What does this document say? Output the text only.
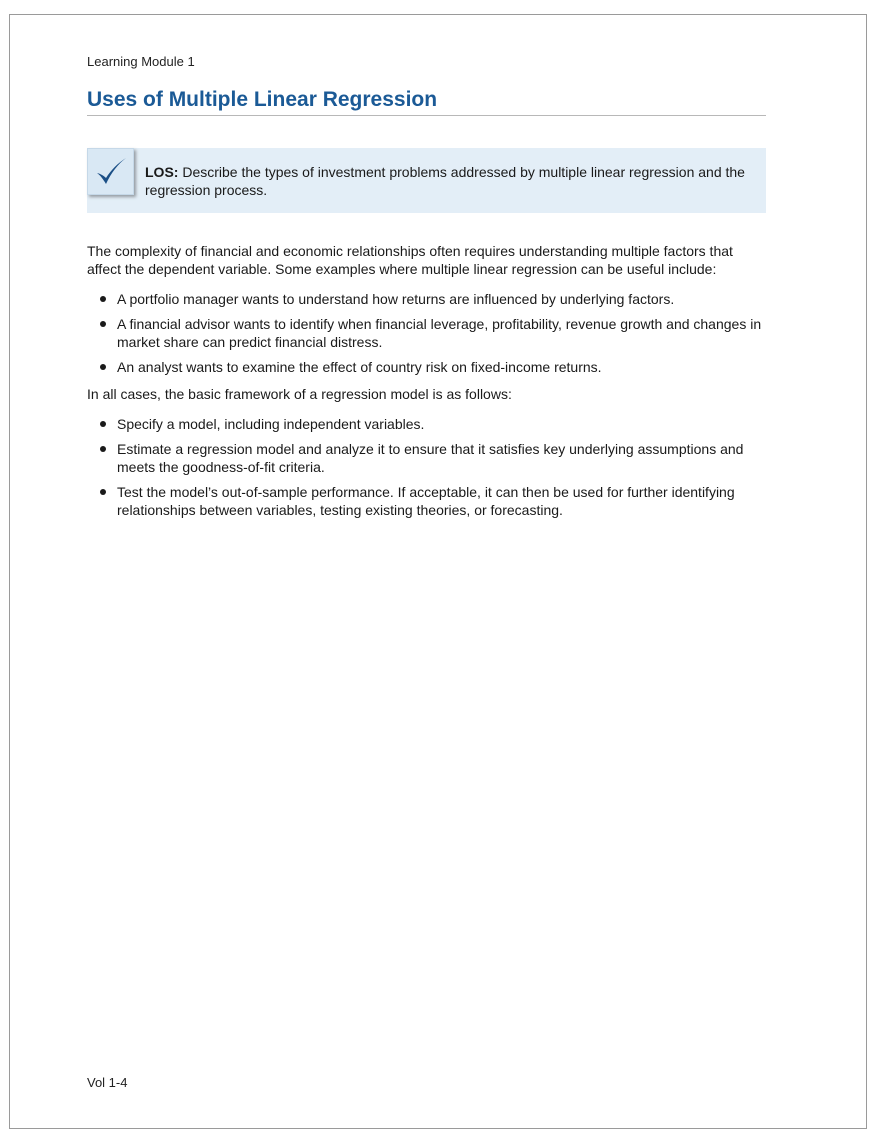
Learning Module 1
Uses of Multiple Linear Regression
LOS: Describe the types of investment problems addressed by multiple linear regression and the regression process.

The complexity of financial and economic relationships often requires understanding multiple factors that affect the dependent variable. Some examples where multiple linear regression can be useful include:

A portfolio manager wants to understand how returns are influenced by underlying factors.
A financial advisor wants to identify when financial leverage, profitability, revenue growth and changes in market share can predict financial distress.
An analyst wants to examine the effect of country risk on fixed-income returns.

In all cases, the basic framework of a regression model is as follows:

Specify a model, including independent variables.
Estimate a regression model and analyze it to ensure that it satisfies key underlying assumptions and meets the goodness-of-fit criteria.
Test the model’s out-of-sample performance. If acceptable, it can then be used for further identifying relationships between variables, testing existing theories, or forecasting.
Vol 1-4
